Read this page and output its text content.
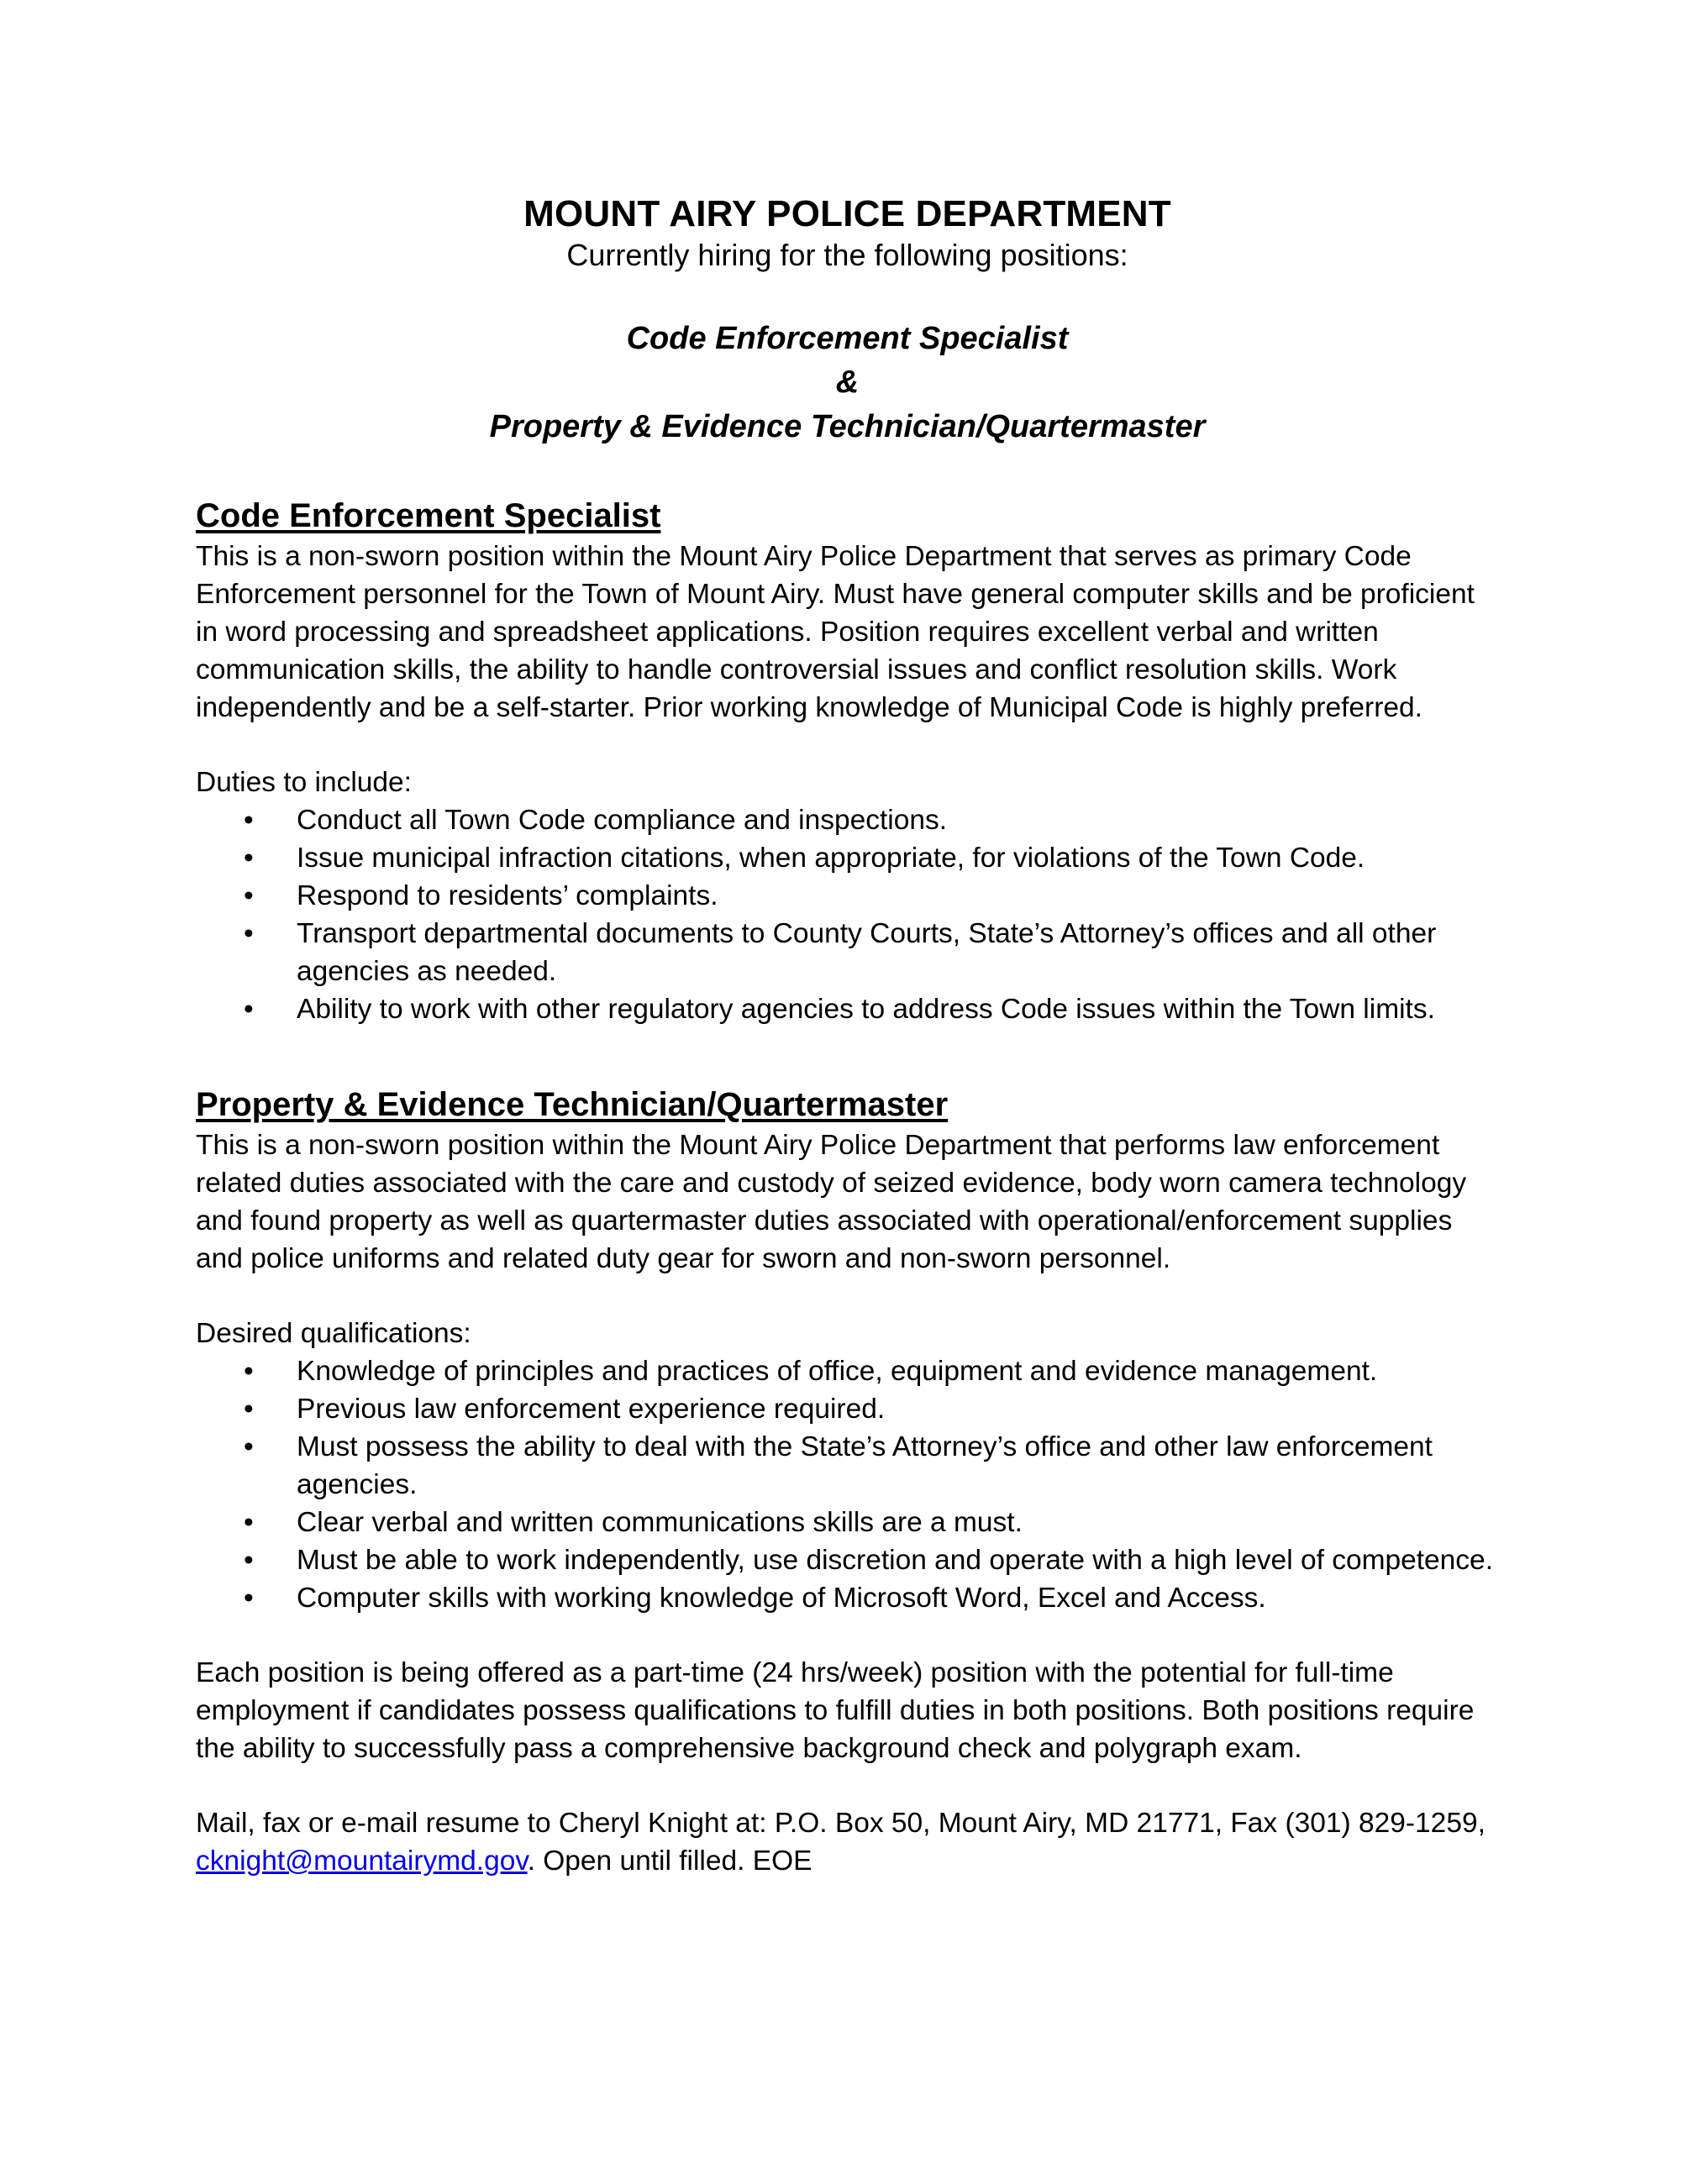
MOUNT AIRY POLICE DEPARTMENT
Currently hiring for the following positions:
Code Enforcement Specialist
&
Property & Evidence Technician/Quartermaster
Code Enforcement Specialist

This is a non-sworn position within the Mount Airy Police Department that serves as primary Code Enforcement personnel for the Town of Mount Airy. Must have general computer skills and be proficient in word processing and spreadsheet applications. Position requires excellent verbal and written communication skills, the ability to handle controversial issues and conflict resolution skills. Work independently and be a self-starter. Prior working knowledge of Municipal Code is highly preferred.

Duties to include:

• Conduct all Town Code compliance and inspections.
• Issue municipal infraction citations, when appropriate, for violations of the Town Code.
• Respond to residents’ complaints.
• Transport departmental documents to County Courts, State’s Attorney’s offices and all other agencies as needed.
• Ability to work with other regulatory agencies to address Code issues within the Town limits.
Property & Evidence Technician/Quartermaster

This is a non-sworn position within the Mount Airy Police Department that performs law enforcement related duties associated with the care and custody of seized evidence, body worn camera technology and found property as well as quartermaster duties associated with operational/enforcement supplies and police uniforms and related duty gear for sworn and non-sworn personnel.

Desired qualifications:

• Knowledge of principles and practices of office, equipment and evidence management.
• Previous law enforcement experience required.
• Must possess the ability to deal with the State’s Attorney’s office and other law enforcement agencies.
• Clear verbal and written communications skills are a must.
• Must be able to work independently, use discretion and operate with a high level of competence.
• Computer skills with working knowledge of Microsoft Word, Excel and Access.

Each position is being offered as a part-time (24 hrs/week) position with the potential for full-time employment if candidates possess qualifications to fulfill duties in both positions. Both positions require the ability to successfully pass a comprehensive background check and polygraph exam.

Mail, fax or e-mail resume to Cheryl Knight at: P.O. Box 50, Mount Airy, MD 21771, Fax (301) 829-1259, cknight@mountairymd.gov. Open until filled. EOE
